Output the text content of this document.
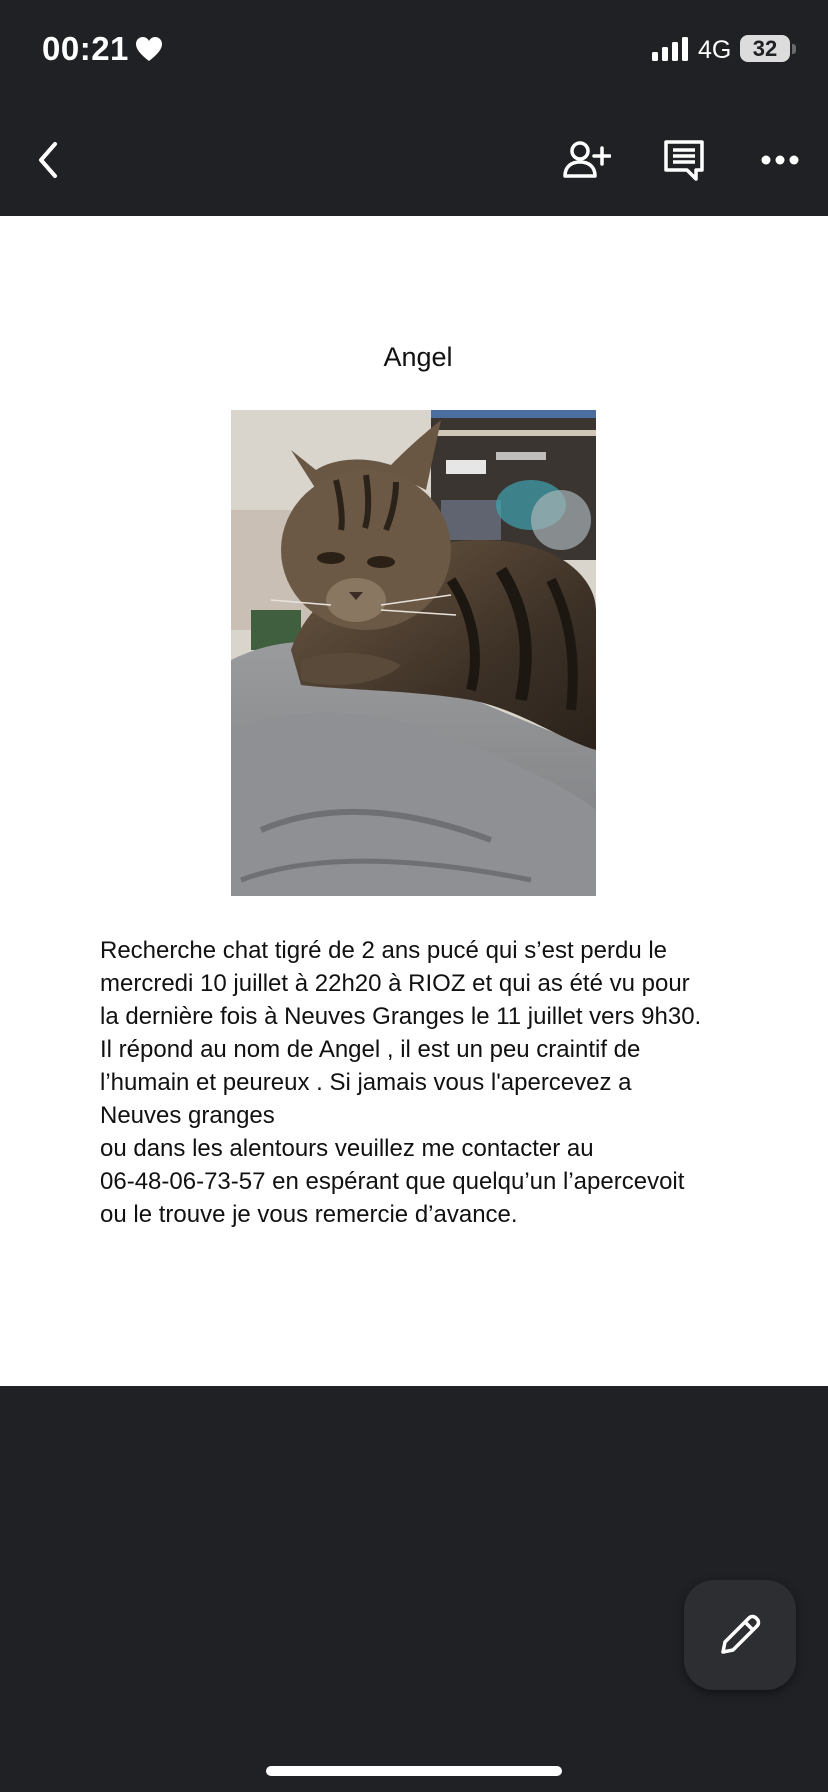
00:21	4G 32
Angel
Recherche chat tigré de 2 ans pucé qui s’est perdu le
mercredi 10 juillet à 22h20 à RIOZ et qui as été vu pour
la dernière fois à Neuves Granges le 11 juillet vers 9h30.
Il répond au nom de Angel , il est un peu craintif de
l’humain et peureux . Si jamais vous l'apercevez a
Neuves granges
ou dans les alentours veuillez me contacter au
06-48-06-73-57 en espérant que quelqu’un l’apercevoit
ou le trouve je vous remercie d’avance.
